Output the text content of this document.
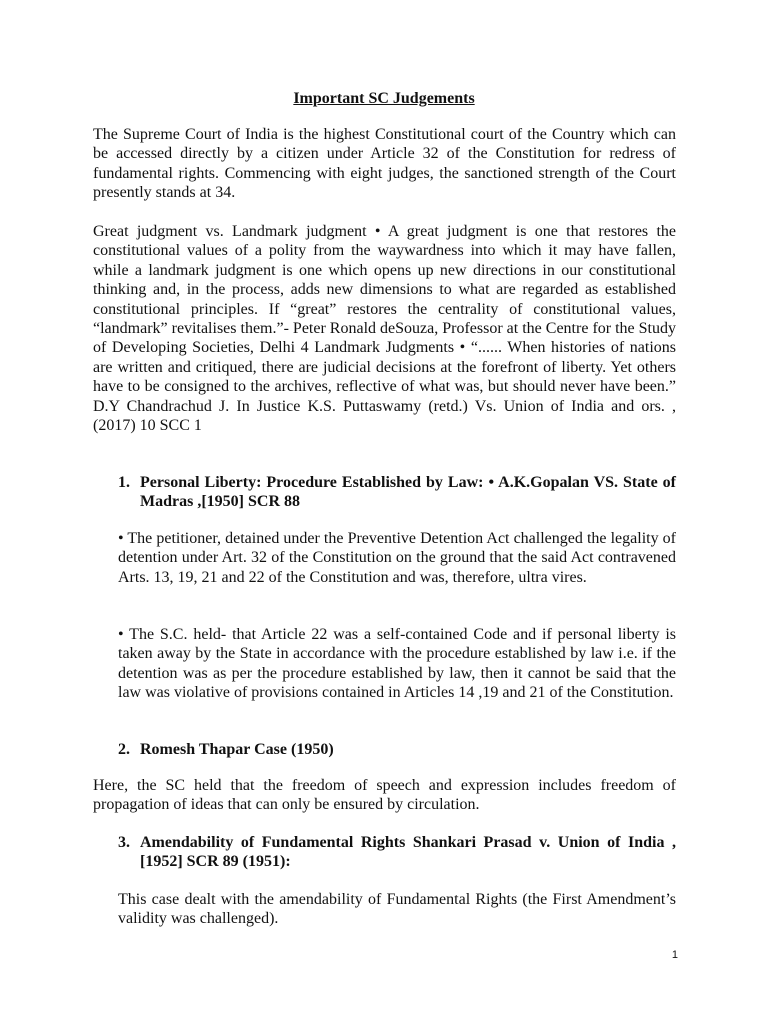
Important SC Judgements

The Supreme Court of India is the highest Constitutional court of the Country which can be accessed directly by a citizen under Article 32 of the Constitution for redress of fundamental rights. Commencing with eight judges, the sanctioned strength of the Court presently stands at 34.

Great judgment vs. Landmark judgment • A great judgment is one that restores the constitutional values of a polity from the waywardness into which it may have fallen, while a landmark judgment is one which opens up new directions in our constitutional thinking and, in the process, adds new dimensions to what are regarded as established constitutional principles. If “great” restores the centrality of constitutional values, “landmark” revitalises them.”- Peter Ronald deSouza, Professor at the Centre for the Study of Developing Societies, Delhi 4 Landmark Judgments • “...... When histories of nations are written and critiqued, there are judicial decisions at the forefront of liberty. Yet others have to be consigned to the archives, reflective of what was, but should never have been.” D.Y Chandrachud J. In Justice K.S. Puttaswamy (retd.) Vs. Union of India and ors. , (2017) 10 SCC 1

1. Personal Liberty: Procedure Established by Law: • A.K.Gopalan VS. State of Madras ,[1950] SCR 88

• The petitioner, detained under the Preventive Detention Act challenged the legality of detention under Art. 32 of the Constitution on the ground that the said Act contravened Arts. 13, 19, 21 and 22 of the Constitution and was, therefore, ultra vires.

• The S.C. held- that Article 22 was a self-contained Code and if personal liberty is taken away by the State in accordance with the procedure established by law i.e. if the detention was as per the procedure established by law, then it cannot be said that the law was violative of provisions contained in Articles 14 ,19 and 21 of the Constitution.

2. Romesh Thapar Case (1950)

Here, the SC held that the freedom of speech and expression includes freedom of propagation of ideas that can only be ensured by circulation.

3. Amendability of Fundamental Rights Shankari Prasad v. Union of India , [1952] SCR 89 (1951):

This case dealt with the amendability of Fundamental Rights (the First Amendment’s validity was challenged).

1
